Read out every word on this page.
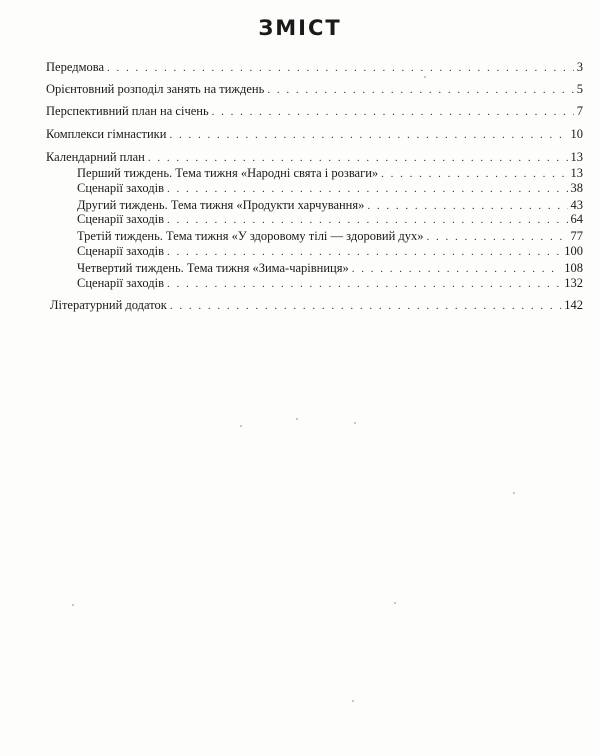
ЗМІСТ
Передмова . . .	3
Орієнтовний розподіл занять на тиждень . . .	5
Перспективний план на січень . . .	7
Комплекси гімнастики . . .	10
Календарний план . . .	13
Перший тиждень. Тема тижня «Народні свята і розваги» . . .	13
Сценарії заходів . . .	38
Другий тиждень. Тема тижня «Продукти харчування» . . .	43
Сценарії заходів . . .	64
Третій тиждень. Тема тижня «У здоровому тілі — здоровий дух» . . .	77
Сценарії заходів . . .	100
Четвертий тиждень. Тема тижня «Зима-чарівниця» . . .	108
Сценарії заходів . . .	132
Літературний додаток . . .	142
